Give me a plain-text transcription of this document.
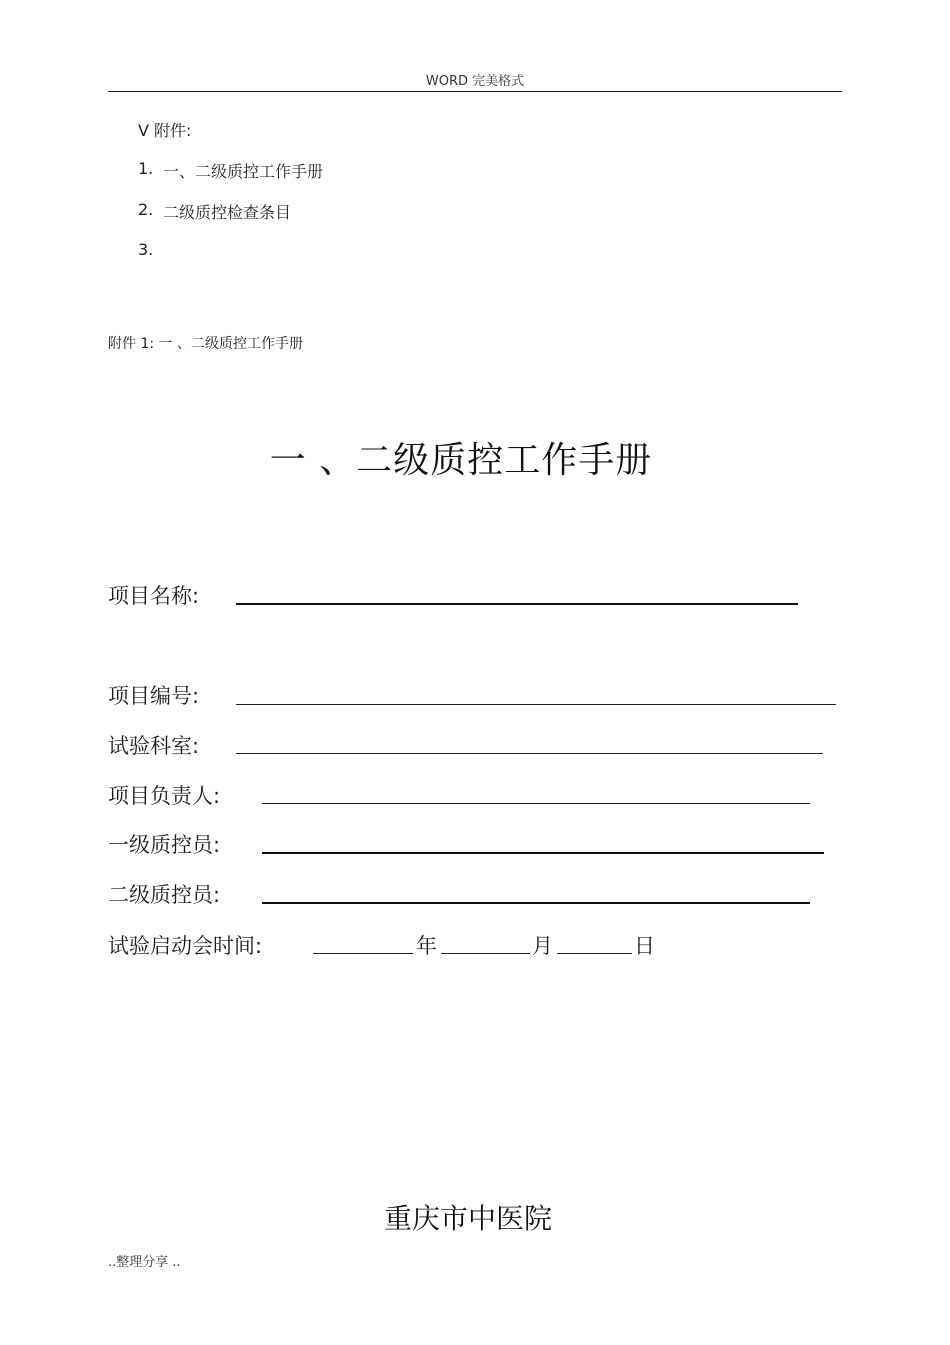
WORD 完美格式
Ⅴ 附件:
1. 一、二级质控工作手册
2. 二级质控检查条目
3.
附件 1: 一 、二级质控工作手册
一 、二级质控工作手册
项目名称:
项目编号:
试验科室:
项目负责人:
一级质控员:
二级质控员:
试验启动会时间:	年	月	日
重庆市中医院
..整理分享 ..
